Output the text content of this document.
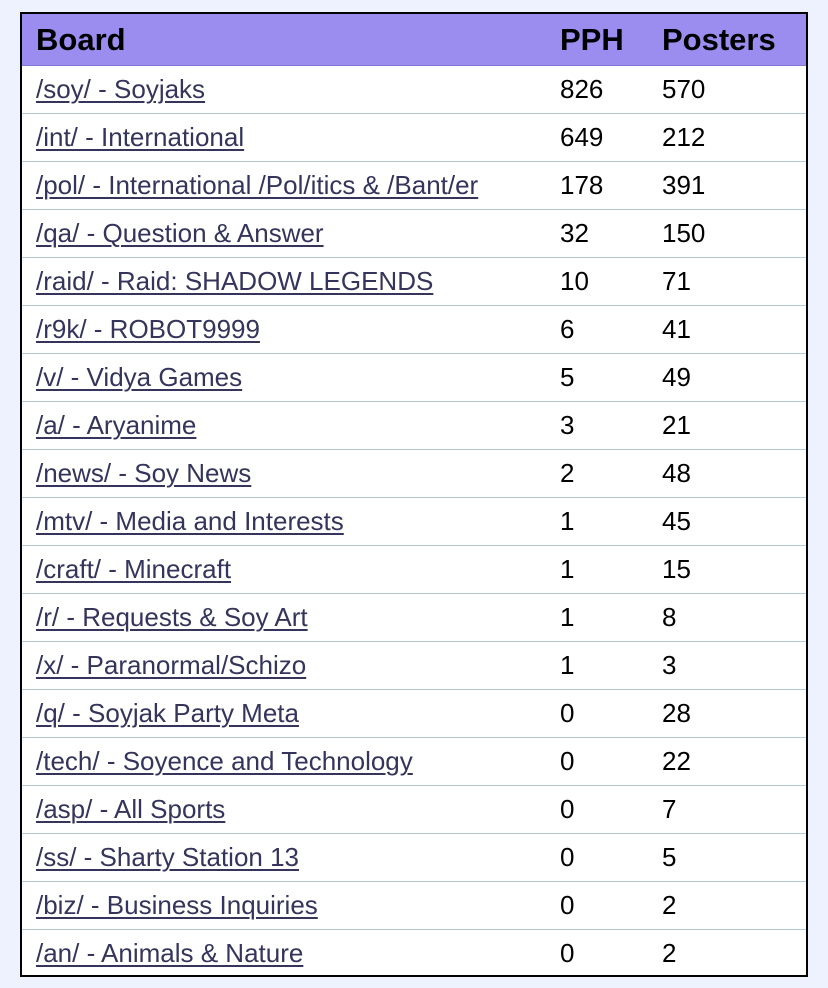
Board	PPH	Posters
/soy/ - Soyjaks	826	570
/int/ - International	649	212
/pol/ - International /Pol/itics & /Bant/er	178	391
/qa/ - Question & Answer	32	150
/raid/ - Raid: SHADOW LEGENDS	10	71
/r9k/ - ROBOT9999	6	41
/v/ - Vidya Games	5	49
/a/ - Aryanime	3	21
/news/ - Soy News	2	48
/mtv/ - Media and Interests	1	45
/craft/ - Minecraft	1	15
/r/ - Requests & Soy Art	1	8
/x/ - Paranormal/Schizo	1	3
/q/ - Soyjak Party Meta	0	28
/tech/ - Soyence and Technology	0	22
/asp/ - All Sports	0	7
/ss/ - Sharty Station 13	0	5
/biz/ - Business Inquiries	0	2
/an/ - Animals & Nature	0	2
